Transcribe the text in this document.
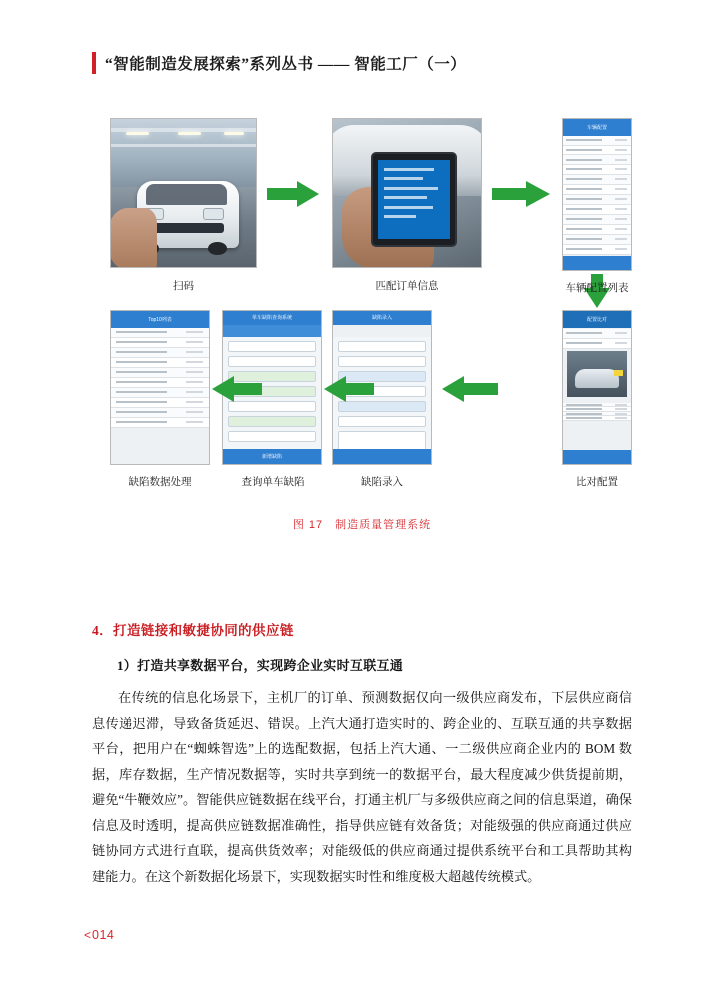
“智能制造发展探索”系列丛书 —— 智能工厂（一）
车辆配置
配置比对
缺陷录入
单车缺陷查询系统
新增缺陷
Top10列表
扫码	匹配订单信息	车辆配置列表
比对配置
缺陷录入
查询单车缺陷
缺陷数据处理
图 17　制造质量管理系统
4．打造链接和敏捷协同的供应链
1）打造共享数据平台，实现跨企业实时互联互通
在传统的信息化场景下，主机厂的订单、预测数据仅向一级供应商发布，下层供应商信息传递迟滞，导致备货延迟、错误。上汽大通打造实时的、跨企业的、互联互通的共享数据平台，把用户在“蜘蛛智选”上的选配数据，包括上汽大通、一二级供应商企业内的 BOM 数据，库存数据，生产情况数据等，实时共享到统一的数据平台，最大程度减少供货提前期，避免“牛鞭效应”。智能供应链数据在线平台，打通主机厂与多级供应商之间的信息渠道，确保信息及时透明，提高供应链数据准确性，指导供应链有效备货；对能级强的供应商通过供应链协同方式进行直联，提高供货效率；对能级低的供应商通过提供系统平台和工具帮助其构建能力。在这个新数据化场景下，实现数据实时性和维度极大超越传统模式。
< 014
